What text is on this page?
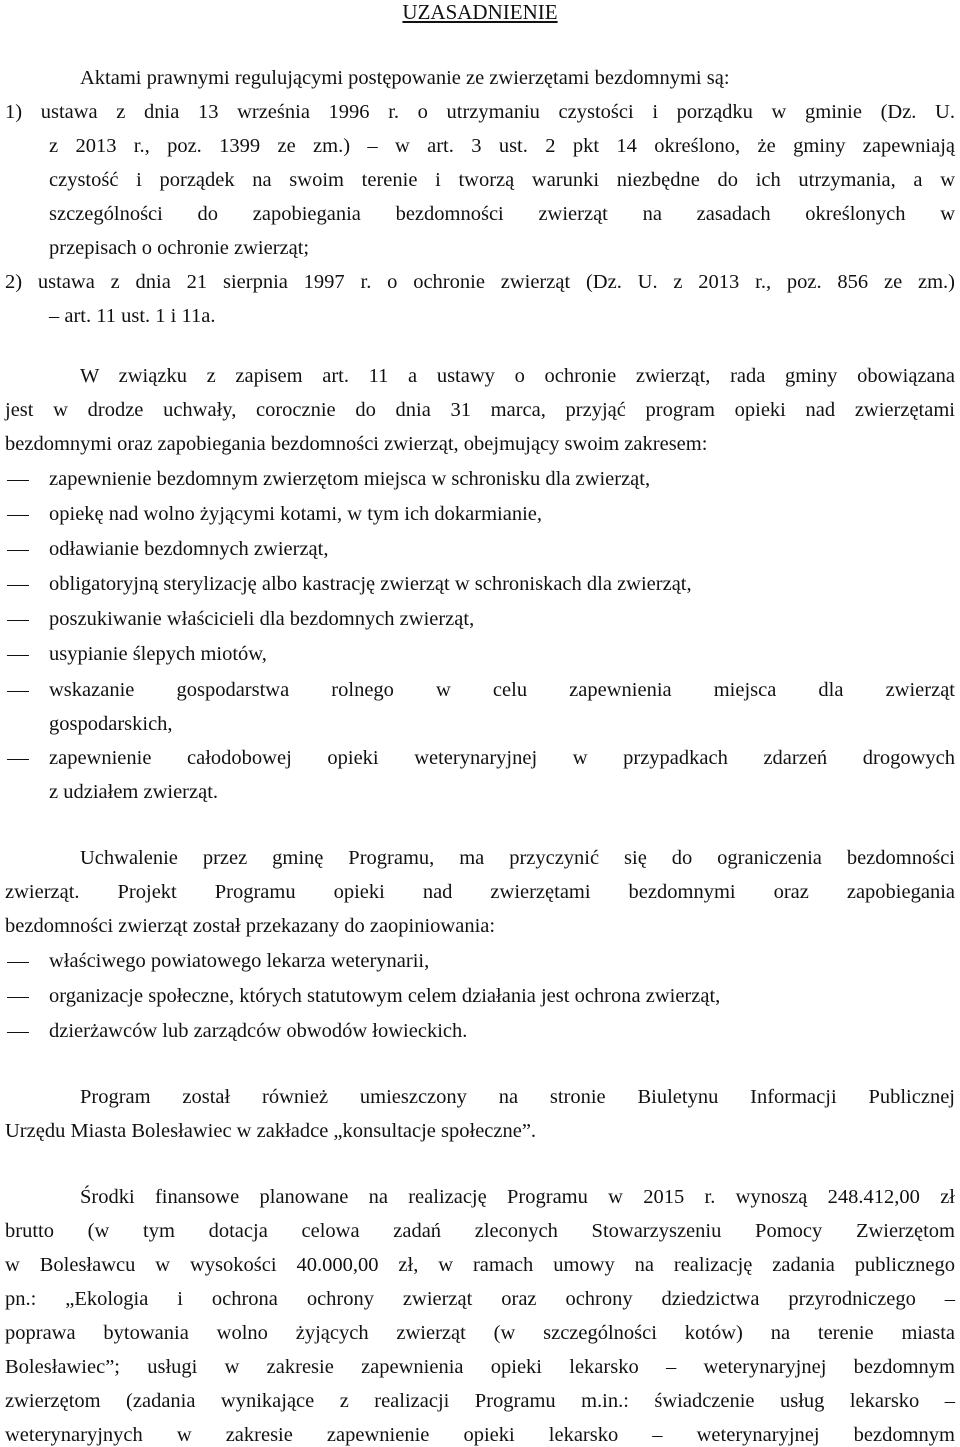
UZASADNIENIE
Aktami prawnymi regulującymi postępowanie ze zwierzętami bezdomnymi są:
1) ustawa z dnia 13 września 1996 r. o utrzymaniu czystości i porządku w gminie (Dz. U.
z 2013 r., poz. 1399 ze zm.) – w art. 3 ust. 2 pkt 14 określono, że gminy zapewniają
czystość i porządek na swoim terenie i tworzą warunki niezbędne do ich utrzymania, a w
szczególności do zapobiegania bezdomności zwierząt na zasadach określonych w
przepisach o ochronie zwierząt;
2) ustawa z dnia 21 sierpnia 1997 r. o ochronie zwierząt (Dz. U. z 2013 r., poz. 856 ze zm.)
– art. 11 ust. 1 i 11a.
W związku z zapisem art. 11 a ustawy o ochronie zwierząt, rada gminy obowiązana
jest w drodze uchwały, corocznie do dnia 31 marca, przyjąć program opieki nad zwierzętami
bezdomnymi oraz zapobiegania bezdomności zwierząt, obejmujący swoim zakresem:
zapewnienie bezdomnym zwierzętom miejsca w schronisku dla zwierząt,
opiekę nad wolno żyjącymi kotami, w tym ich dokarmianie,
odławianie bezdomnych zwierząt,
obligatoryjną sterylizację albo kastrację zwierząt w schroniskach dla zwierząt,
poszukiwanie właścicieli dla bezdomnych zwierząt,
usypianie ślepych miotów,
wskazanie gospodarstwa rolnego w celu zapewnienia miejsca dla zwierząt
gospodarskich,
zapewnienie całodobowej opieki weterynaryjnej w przypadkach zdarzeń drogowych
z udziałem zwierząt.
Uchwalenie przez gminę Programu, ma przyczynić się do ograniczenia bezdomności
zwierząt. Projekt Programu opieki nad zwierzętami bezdomnymi oraz zapobiegania
bezdomności zwierząt został przekazany do zaopiniowania:
właściwego powiatowego lekarza weterynarii,
organizacje społeczne, których statutowym celem działania jest ochrona zwierząt,
dzierżawców lub zarządców obwodów łowieckich.
Program został również umieszczony na stronie Biuletynu Informacji Publicznej
Urzędu Miasta Bolesławiec w zakładce „konsultacje społeczne”.
Środki finansowe planowane na realizację Programu w 2015 r. wynoszą 248.412,00 zł
brutto (w tym dotacja celowa zadań zleconych Stowarzyszeniu Pomocy Zwierzętom
w Bolesławcu w wysokości 40.000,00 zł, w ramach umowy na realizację zadania publicznego
pn.: „Ekologia i ochrona ochrony zwierząt oraz ochrony dziedzictwa przyrodniczego –
poprawa bytowania wolno żyjących zwierząt (w szczególności kotów) na terenie miasta
Bolesławiec”; usługi w zakresie zapewnienia opieki lekarsko – weterynaryjnej bezdomnym
zwierzętom (zadania wynikające z realizacji Programu m.in.: świadczenie usług lekarsko –
weterynaryjnych w zakresie zapewnienie opieki lekarsko – weterynaryjnej bezdomnym
